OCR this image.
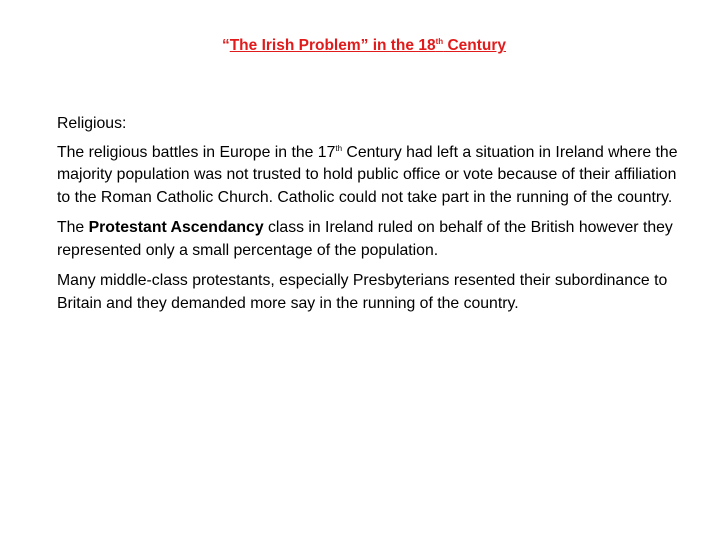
“The Irish Problem” in the 18th Century

Religious:

The religious battles in Europe in the 17th Century had left a situation in Ireland where the majority population was not trusted to hold public office or vote because of their affiliation to the Roman Catholic Church. Catholic could not take part in the running of the country.

The Protestant Ascendancy class in Ireland ruled on behalf of the British however they represented only a small percentage of the population.

Many middle-class protestants, especially Presbyterians resented their subordinance to Britain and they demanded more say in the running of the country.
